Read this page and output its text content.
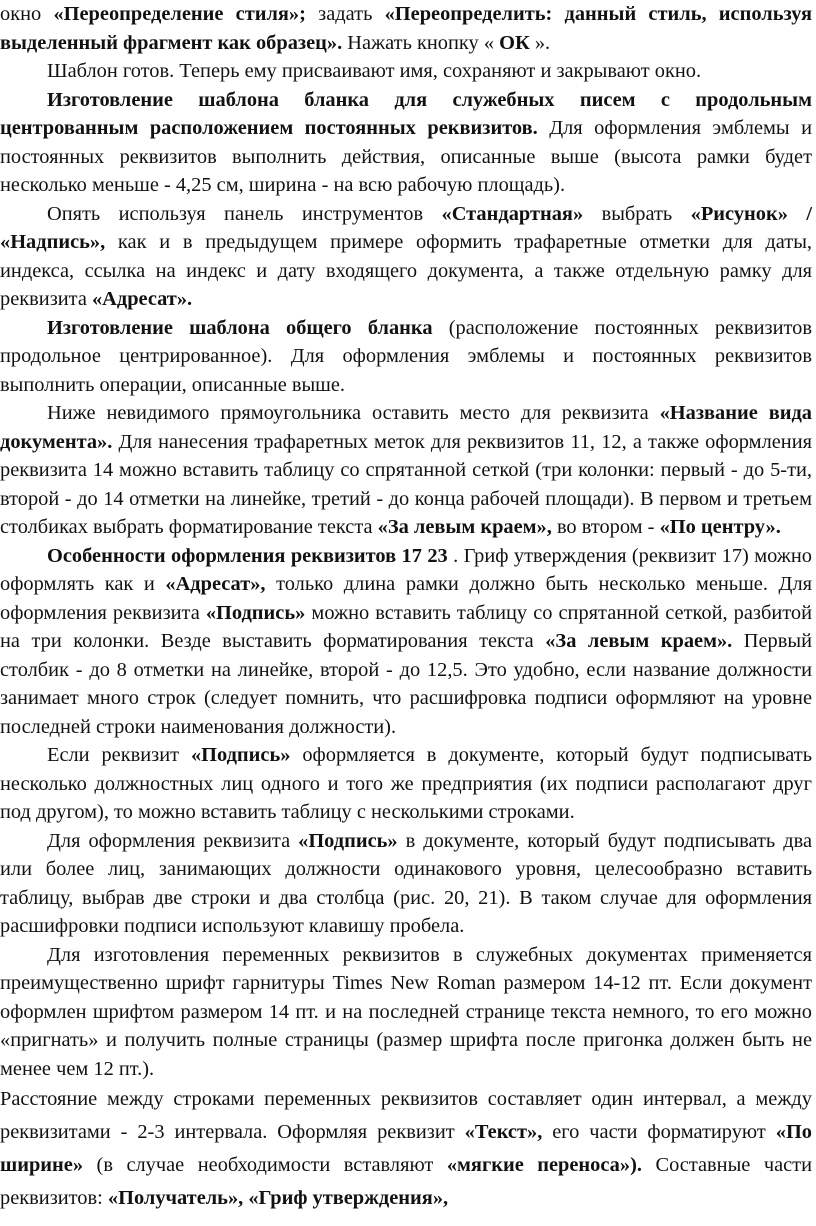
окно «Переопределение стиля»; задать «Переопределить: данный стиль, используя выделенный фрагмент как образец». Нажать кнопку « ОК ».

Шаблон готов. Теперь ему присваивают имя, сохраняют и закрывают окно.

Изготовление шаблона бланка для служебных писем с продольным центрованным расположением постоянных реквизитов. Для оформления эмблемы и постоянных реквизитов выполнить действия, описанные выше (высота рамки будет несколько меньше - 4,25 см, ширина - на всю рабочую площадь).

Опять используя панель инструментов «Стандартная» выбрать «Рисунок» / «Надпись», как и в предыдущем примере оформить трафаретные отметки для даты, индекса, ссылка на индекс и дату входящего документа, а также отдельную рамку для реквизита «Адресат».

Изготовление шаблона общего бланка (расположение постоянных реквизитов продольное центрированное). Для оформления эмблемы и постоянных реквизитов выполнить операции, описанные выше.

Ниже невидимого прямоугольника оставить место для реквизита «Название вида документа». Для нанесения трафаретных меток для реквизитов 11, 12, а также оформления реквизита 14 можно вставить таблицу со спрятанной сеткой (три колонки: первый - до 5-ти, второй - до 14 отметки на линейке, третий - до конца рабочей площади). В первом и третьем столбиках выбрать форматирование текста «За левым краем», во втором - «По центру».

Особенности оформления реквизитов 17 23 . Гриф утверждения (реквизит 17) можно оформлять как и «Адресат», только длина рамки должно быть несколько меньше. Для оформления реквизита «Подпись» можно вставить таблицу со спрятанной сеткой, разбитой на три колонки. Везде выставить форматирования текста «За левым краем». Первый столбик - до 8 отметки на линейке, второй - до 12,5. Это удобно, если название должности занимает много строк (следует помнить, что расшифровка подписи оформляют на уровне последней строки наименования должности).

Если реквизит «Подпись» оформляется в документе, который будут подписывать несколько должностных лиц одного и того же предприятия (их подписи располагают друг под другом), то можно вставить таблицу с несколькими строками.

Для оформления реквизита «Подпись» в документе, который будут подписывать два или более лиц, занимающих должности одинакового уровня, целесообразно вставить таблицу, выбрав две строки и два столбца (рис. 20, 21). В таком случае для оформления расшифровки подписи используют клавишу пробела.

Для изготовления переменных реквизитов в служебных документах применяется преимущественно шрифт гарнитуры Times New Roman размером 14-12 пт. Если документ оформлен шрифтом размером 14 пт. и на последней странице текста немного, то его можно «пригнать» и получить полные страницы (размер шрифта после пригонка должен быть не менее чем 12 пт.).

Расстояние между строками переменных реквизитов составляет один интервал, а между реквизитами - 2-3 интервала. Оформляя реквизит «Текст», его части форматируют «По ширине» (в случае необходимости вставляют «мягкие переноса»). Составные части реквизитов: «Получатель», «Гриф утверждения»,
